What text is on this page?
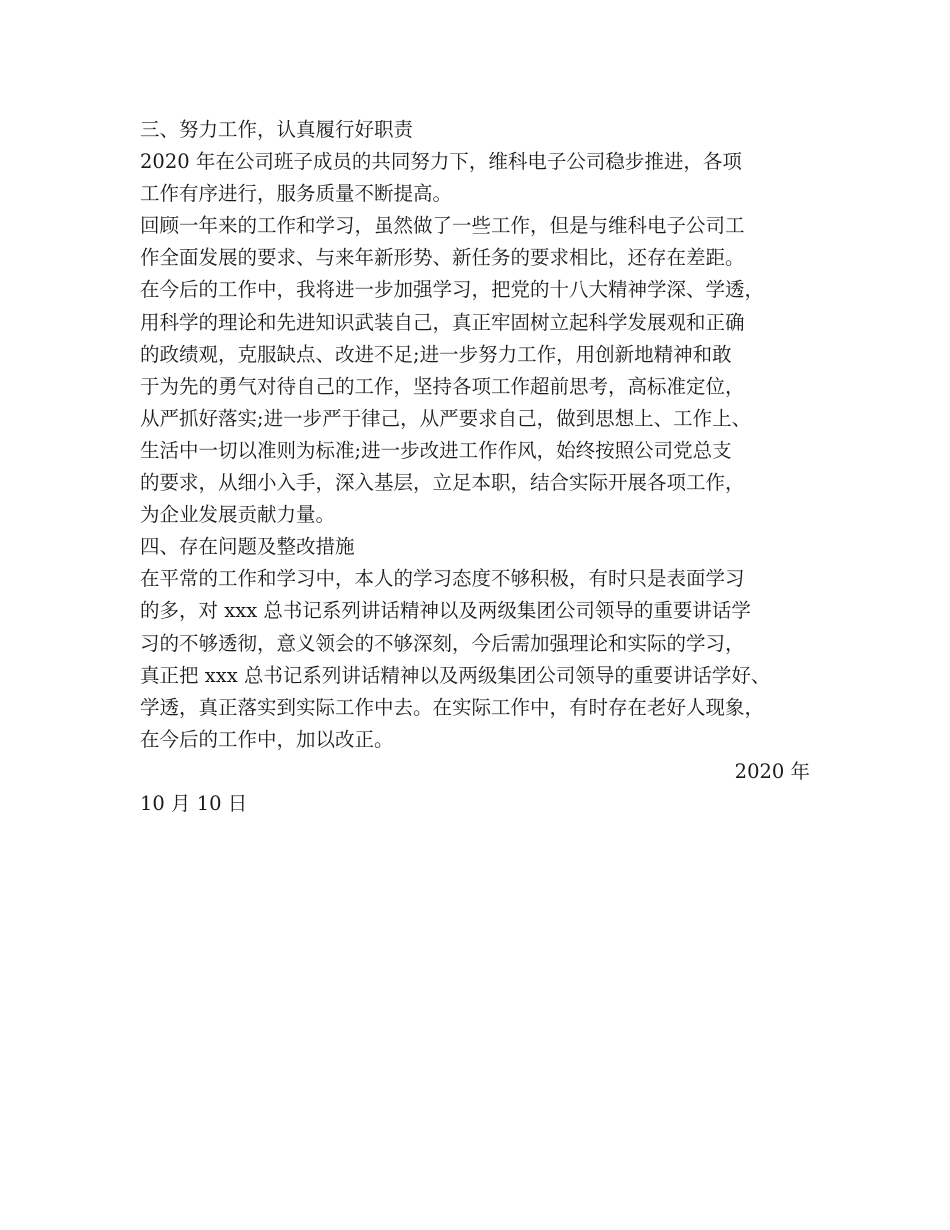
三、努力工作，认真履行好职责
2020 年在公司班子成员的共同努力下，维科电子公司稳步推进，各项
工作有序进行，服务质量不断提高。
回顾一年来的工作和学习，虽然做了一些工作，但是与维科电子公司工
作全面发展的要求、与来年新形势、新任务的要求相比，还存在差距。
在今后的工作中，我将进一步加强学习，把党的十八大精神学深、学透，
用科学的理论和先进知识武装自己，真正牢固树立起科学发展观和正确
的政绩观，克服缺点、改进不足;进一步努力工作，用创新地精神和敢
于为先的勇气对待自己的工作，坚持各项工作超前思考，高标准定位，
从严抓好落实;进一步严于律己，从严要求自己，做到思想上、工作上、
生活中一切以准则为标准;进一步改进工作作风，始终按照公司党总支
的要求，从细小入手，深入基层，立足本职，结合实际开展各项工作，
为企业发展贡献力量。
四、存在问题及整改措施
在平常的工作和学习中，本人的学习态度不够积极，有时只是表面学习
的多，对 xxx 总书记系列讲话精神以及两级集团公司领导的重要讲话学
习的不够透彻，意义领会的不够深刻，今后需加强理论和实际的学习，
真正把 xxx 总书记系列讲话精神以及两级集团公司领导的重要讲话学好、
学透，真正落实到实际工作中去。在实际工作中，有时存在老好人现象，
在今后的工作中，加以改正。
2020 年
10 月 10 日
